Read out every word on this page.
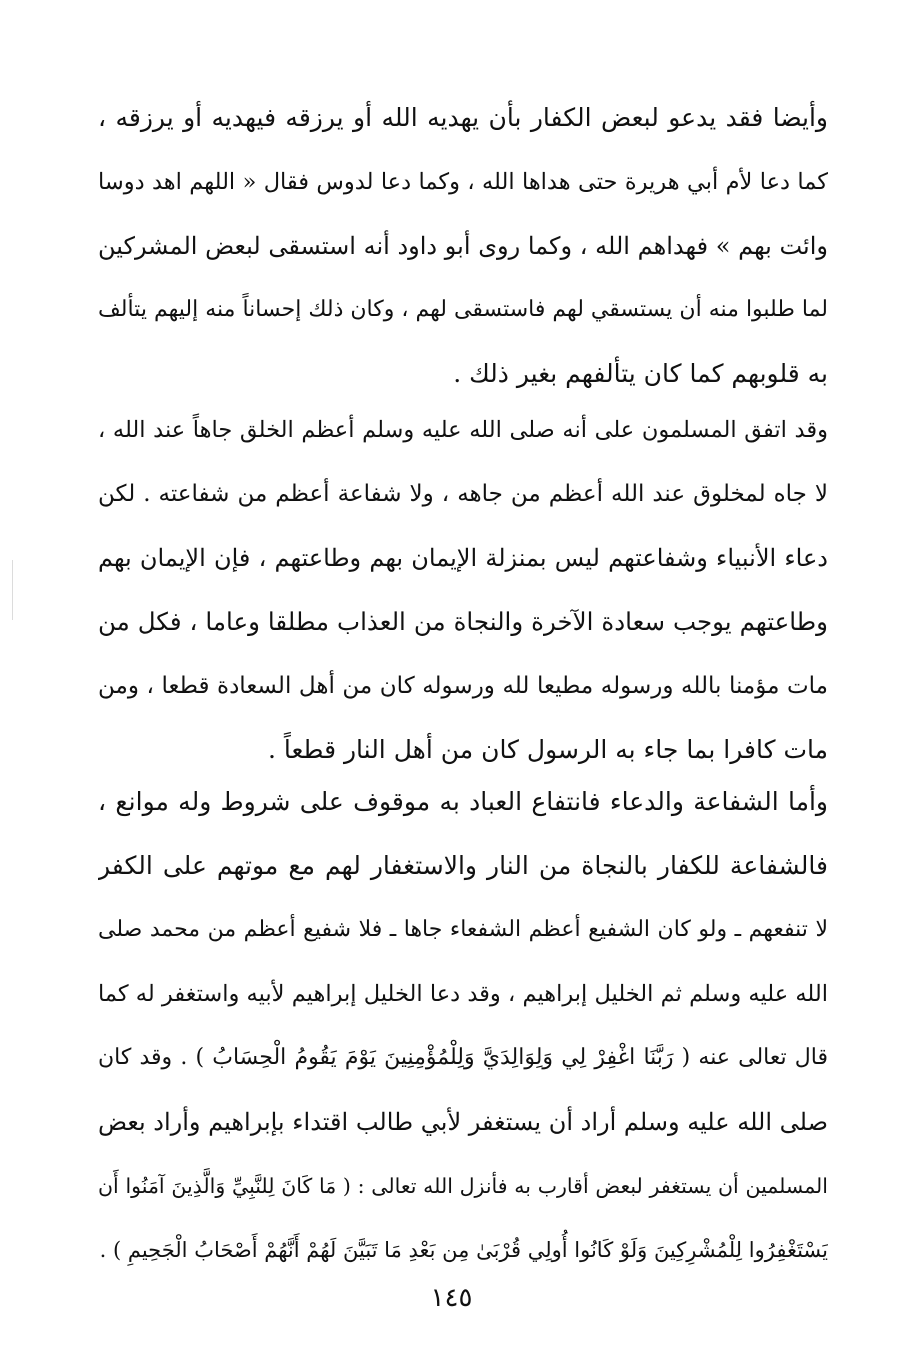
وأيضا فقد يدعو لبعض الكفار بأن يهديه الله أو يرزقه فيهديه أو يرزقه ،
كما دعا لأم أبي هريرة حتى هداها الله ، وكما دعا لدوس فقال « اللهم اهد دوسا
وائت بهم » فهداهم الله ، وكما روى أبو داود أنه استسقى لبعض المشركين
لما طلبوا منه أن يستسقي لهم فاستسقى لهم ، وكان ذلك إحساناً منه إليهم يتألف
به قلوبهم كما كان يتألفهم بغير ذلك .
وقد اتفق المسلمون على أنه صلى الله عليه وسلم أعظم الخلق جاهاً عند الله ،
لا جاه لمخلوق عند الله أعظم من جاهه ، ولا شفاعة أعظم من شفاعته . لكن
دعاء الأنبياء وشفاعتهم ليس بمنزلة الإيمان بهم وطاعتهم ، فإن الإيمان بهم
وطاعتهم يوجب سعادة الآخرة والنجاة من العذاب مطلقا وعاما ، فكل من
مات مؤمنا بالله ورسوله مطيعا لله ورسوله كان من أهل السعادة قطعا ، ومن
مات كافرا بما جاء به الرسول كان من أهل النار قطعاً .
وأما الشفاعة والدعاء فانتفاع العباد به موقوف على شروط وله موانع ،
فالشفاعة للكفار بالنجاة من النار والاستغفار لهم مع موتهم على الكفر
لا تنفعهم ـ ولو كان الشفيع أعظم الشفعاء جاها ـ فلا شفيع أعظم من محمد صلى
الله عليه وسلم ثم الخليل إبراهيم ، وقد دعا الخليل إبراهيم لأبيه واستغفر له كما
قال تعالى عنه ( رَبَّنَا اغْفِرْ لِي وَلِوَالِدَيَّ وَلِلْمُؤْمِنِينَ يَوْمَ يَقُومُ الْحِسَابُ ) . وقد كان
صلى الله عليه وسلم أراد أن يستغفر لأبي طالب اقتداء بإبراهيم وأراد بعض
المسلمين أن يستغفر لبعض أقارب به فأنزل الله تعالى : ( مَا كَانَ لِلنَّبِيِّ وَالَّذِينَ آمَنُوا أَن
يَسْتَغْفِرُوا لِلْمُشْرِكِينَ وَلَوْ كَانُوا أُولِي قُرْبَىٰ مِن بَعْدِ مَا تَبَيَّنَ لَهُمْ أَنَّهُمْ أَصْحَابُ الْجَحِيمِ ) .
١٤٥
